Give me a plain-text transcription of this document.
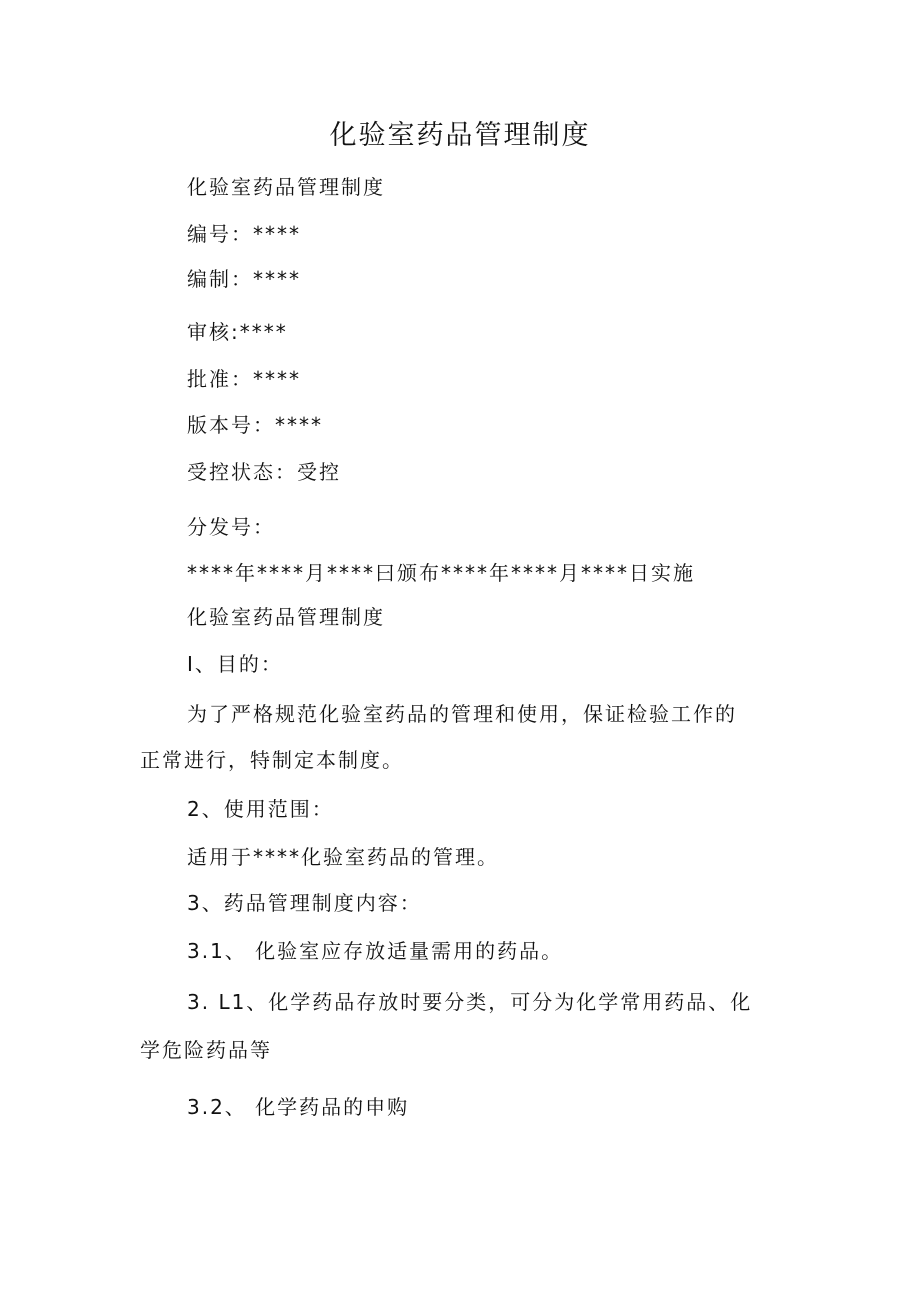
化验室药品管理制度
化验室药品管理制度
编号：****
编制：****
审核:****
批准：****
版本号：****
受控状态：受控
分发号：
****年****月****曰颁布****年****月****日实施
化验室药品管理制度
I、目的：
为了严格规范化验室药品的管理和使用，保证检验工作的
正常进行，特制定本制度。
2、使用范围：
适用于****化验室药品的管理。
3、药品管理制度内容：
3.1、 化验室应存放适量需用的药品。
3. L1、化学药品存放时要分类，可分为化学常用药品、化
学危险药品等
3.2、 化学药品的申购
